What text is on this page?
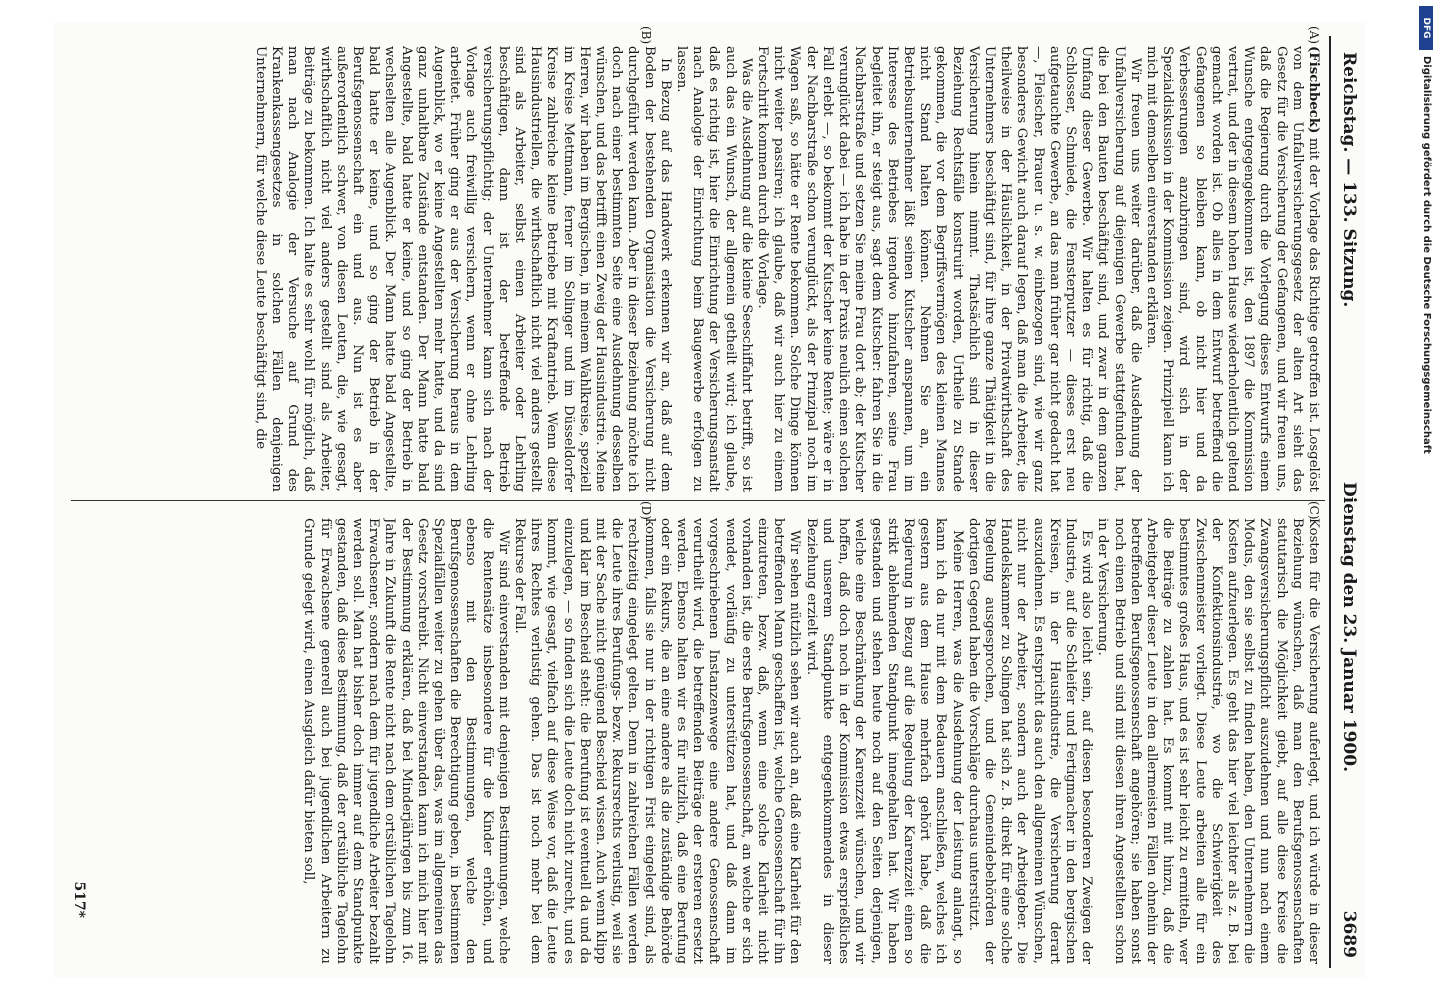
Reichstag. — 133. Sitzung.
Dienstag den 23. Januar 1900.
3689
(A)
(B)
(C)
(D)

(Fischbeck) mit der Vorlage das Richtige getroffen ist. Losgelöst von dem Unfallversicherungsgesetz der alten Art sieht das Gesetz für die Versicherung der Gefangenen, und wir freuen uns, daß die Regierung durch die Vorlegung dieses Entwurfs einem Wunsche entgegengekommen ist, den 1897 die Kommission vertrat, und der in diesem hohen Hause wiederholentlich geltend gemacht worden ist. Ob alles in dem Entwurf betreffend die Gefangenen so bleiben kann, ob nicht hier und da Verbesserungen anzubringen sind, wird sich in der Spezialdiskussion in der Kommission zeigen. Prinzipiell kann ich mich mit demselben einverstanden erklären.

Wir freuen uns weiter darüber, daß die Ausdehnung der Unfallversicherung auf diejenigen Gewerbe stattgefunden hat, die bei den Bauten beschäftigt sind, und zwar in dem ganzen Umfang dieser Gewerbe. Wir halten es für richtig, daß die Schlosser, Schmiede, die Fensterputzer — dieses erst neu aufgetauchte Gewerbe, an das man früher gar nicht gedacht hat —, Fleischer, Brauer u. s. w. einbezogen sind, wie wir ganz besonderes Gewicht auch darauf legen, daß man die Arbeiter, die theilweise in der Häuslichkeit, in der Privatwirthschaft des Unternehmers beschäftigt sind, für ihre ganze Thätigkeit in die Versicherung hinein nimmt. Thatsächlich sind in dieser Beziehung Rechtsfälle konstruirt worden, Urtheile zu Stande gekommen, die vor dem Begriffsvermögen des kleinen Mannes nicht Stand halten können. Nehmen Sie an, ein Betriebsunternehmer läßt seinen Kutscher anspannen, um im Interesse des Betriebes irgendwo hinzufahren, seine Frau begleitet ihn, er steigt aus, sagt dem Kutscher: fahren Sie in die Nachbarstraße und setzen Sie meine Frau dort ab; der Kutscher verunglückt dabei — ich habe in der Praxis neulich einen solchen Fall erlebt —, so bekommt der Kutscher keine Rente; wäre er in der Nachbarstraße schon verunglückt, als der Prinzipal noch im Wagen saß, so hätte er Rente bekommen. Solche Dinge können nicht weiter passiren; ich glaube, daß wir auch hier zu einem Fortschritt kommen durch die Vorlage.

Was die Ausdehnung auf die kleine Seeschiffahrt betrifft, so ist auch das ein Wunsch, der allgemein getheilt wird; ich glaube, daß es richtig ist, hier die Einrichtung der Versicherungsanstalt nach Analogie der Einrichtung beim Baugewerbe erfolgen zu lassen.

In Bezug auf das Handwerk erkennen wir an, daß auf dem Boden der bestehenden Organisation die Versicherung nicht durchgeführt werden kann. Aber in dieser Beziehung möchte ich doch nach einer bestimmten Seite eine Ausdehnung desselben wünschen, und das betrifft einen Zweig der Hausindustrie. Meine Herren, wir haben im Bergischen, in meinem Wahlkreise, speziell im Kreise Mettmann, ferner im Solinger und im Düsseldorfer Kreise zahlreiche kleine Betriebe mit Kraftantrieb. Wenn diese Hausindustriellen, die wirthschaftlich nicht viel anders gestellt sind als Arbeiter, selbst einen Arbeiter oder Lehrling beschäftigen, dann ist der betreffende Betrieb versicherungspflichtig; der Unternehmer kann sich nach der Vorlage auch freiwillig versichern, wenn er ohne Lehrling arbeitet. Früher ging er aus der Versicherung heraus in dem Augenblick, wo er keine Angestellten mehr hatte, und da sind ganz unhaltbare Zustände entstanden. Der Mann hatte bald Angestellte, bald hatte er keine, und so ging der Betrieb in wechselten alle Augenblick. Der Mann hatte bald Angestellte, bald hatte er keine, und so ging der Betrieb in der Berufsgenossenschaft ein und aus. Nun ist es aber außerordentlich schwer, von diesen Leuten, die, wie gesagt, wirthschaftlich nicht viel anders gestellt sind als Arbeiter, Beiträge zu bekommen. Ich halte es sehr wohl für möglich, daß man nach Analogie der Versuche auf Grund des Krankenkassengesetzes in solchen Fällen denjenigen Unternehmern, für welche diese Leute beschäftigt sind, die

Kosten für die Versicherung auferlegt, und ich würde in dieser Beziehung wünschen, daß man den Berufsgenossenschaften statutarisch die Möglichkeit giebt, auf alle diese Kreise die Zwangsversicherungspflicht auszudehnen und nun nach einem Modus, den sie selbst zu finden haben, den Unternehmern die Kosten aufzuerlegen. Es geht das hier viel leichter als z. B. bei der Konfektionsindustrie, wo die Schwierigkeit des Zwischenmeister vorliegt. Diese Leute arbeiten alle für ein bestimmtes großes Haus, und es ist sehr leicht zu ermitteln, wer die Beiträge zu zahlen hat. Es kommt mit hinzu, daß die Arbeitgeber dieser Leute in den allermeisten Fällen ohnehin der betreffenden Berufsgenossenschaft angehören; sie haben sonst noch einen Betrieb und sind mit diesen ihren Angestellten schon in der Versicherung.

Es wird also leicht sein, auf diesen besonderen Zweigen der Industrie, auf die Schleifer und Fertigmacher in den bergischen Kreisen, in der Hausindustrie, die Versicherung derart auszudehnen. Es entspricht das auch den allgemeinen Wünschen, nicht nur der Arbeiter, sondern auch der Arbeitgeber. Die Handelskammer zu Solingen hat sich z. B. direkt für eine solche Regelung ausgesprochen, und die Gemeindebehörden der dortigen Gegend haben die Vorschläge durchaus unterstützt.

Meine Herren, was die Ausdehnung der Leistung anlangt, so kann ich da nur mit dem Bedauern anschließen, welches ich gestern aus dem Hause mehrfach gehört habe, daß die Regierung in Bezug auf die Regelung der Karenzzeit einen so strikt ablehnenden Standpunkt innegehalten hat. Wir haben gestanden und stehen heute noch auf den Seiten derjenigen, welche eine Beschränkung der Karenzzeit wünschen, und wir hoffen, daß doch noch in der Kommission etwas ersprießliches und unserem Standpunkte entgegenkommendes in dieser Beziehung erzielt wird.

Wir sehen nützlich sehen wir auch an, daß eine Klarheit für den betreffenden Mann geschaffen ist, welche Genossenschaft für ihn einzutreten, bezw. daß, wenn eine solche Klarheit nicht vorhanden ist, die erste Berufsgenossenschaft, an welche er sich wendet, vorläufig zu unterstützen hat, und daß dann im vorgeschriebenen Instanzenwege eine andere Genossenschaft verurtheilt wird, die betreffenden Beiträge der ersteren ersetzt werden. Ebenso halten wir es für nützlich, daß eine Berufung oder ein Rekurs, die an eine andere als die zuständige Behörde kommen, falls sie nur in der richtigen Frist eingelegt sind, als rechtzeitig eingelegt gelten. Denn in zahlreichen Fällen werden die Leute ihres Berufungs- bezw. Rekursrechts verlustig, weil sie mit der Sache nicht genügend Bescheid wissen. Auch wenn klipp und klar im Bescheid steht: die Berufung ist eventuell da und da einzulegen, — so finden sich die Leute doch nicht zurecht, und es kommt, wie gesagt, vielfach auf diese Weise vor, daß die Leute ihres Rechtes verlustig gehen. Das ist noch mehr bei dem Rekurse der Fall.

Wir sind einverstanden mit denjenigen Bestimmungen, welche die Rentensätze insbesondere für die Kinder erhöhen, und ebenso mit den Bestimmungen, welche den Berufsgenossenschaften die Berechtigung geben, in bestimmten Spezialfällen weiter zu gehen über das, was im allgemeinen das Gesetz vorschreibt. Nicht einverstanden kann ich mich hier mit der Bestimmung erklären, daß bei Minderjährigen bis zum 16. Jahre in Zukunft die Rente nicht nach dem ortsüblichen Tagelohn Erwachsener, sondern nach dem für jugendliche Arbeiter bezahlt werden soll. Man hat bisher doch immer auf dem Standpunkte gestanden, daß diese Bestimmung, daß der ortsübliche Tagelohn für Erwachsene generell auch bei jugendlichen Arbeitern zu Grunde gelegt wird, einen Ausgleich dafür bieten soll,

517*
DFG
Digitalisierung gefördert durch die Deutsche Forschungsgemeinschaft
